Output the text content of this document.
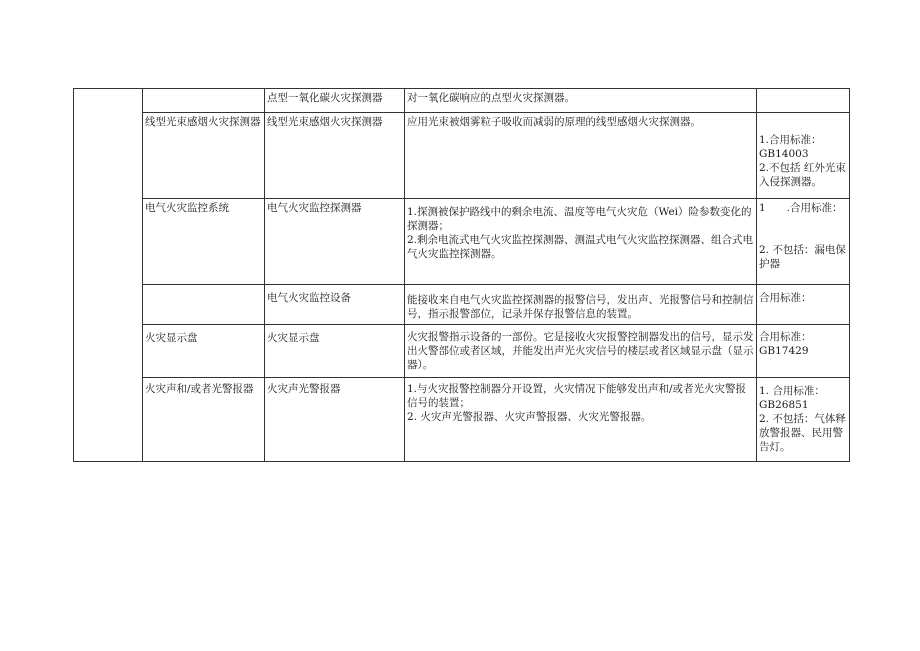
		点型一氧化碳火灾探测器	对一氧化碳响应的点型火灾探测器。	

	线型光束感烟火灾探测器	线型光束感烟火灾探测器	应用光束被烟雾粒子吸收而减弱的原理的线型感烟火灾探测器。	1.合用标准：
GB14003
2.不包括 红外光束入侵探测器。

	电气火灾监控系统	电气火灾监控探测器	1.探测被保护路线中的剩余电流、温度等电气火灾危（Wei）险参数变化的探测器；
2.剩余电流式电气火灾监控探测器、测温式电气火灾监控探测器、组合式电气火灾监控探测器。	1　　.合用标准：
2. 不包括：漏电保护器

		电气火灾监控设备	能接收来自电气火灾监控探测器的报警信号，发出声、光报警信号和控制信号，指示报警部位，记录并保存报警信息的装置。	合用标准：

	火灾显示盘	火灾显示盘	火灾报警指示设备的一部份。它是接收火灾报警控制器发出的信号，显示发出火警部位或者区域，并能发出声光火灾信号的楼层或者区域显示盘（显示器）。	合用标准：
GB17429

	火灾声和/或者光警报器	火灾声光警报器	1.与火灾报警控制器分开设置，火灾情况下能够发出声和/或者光火灾警报信号的装置；
2. 火灾声光警报器、火灾声警报器、火灾光警报器。	1. 合用标准：
GB26851
2. 不包括：气体释放警报器、民用警告灯。
